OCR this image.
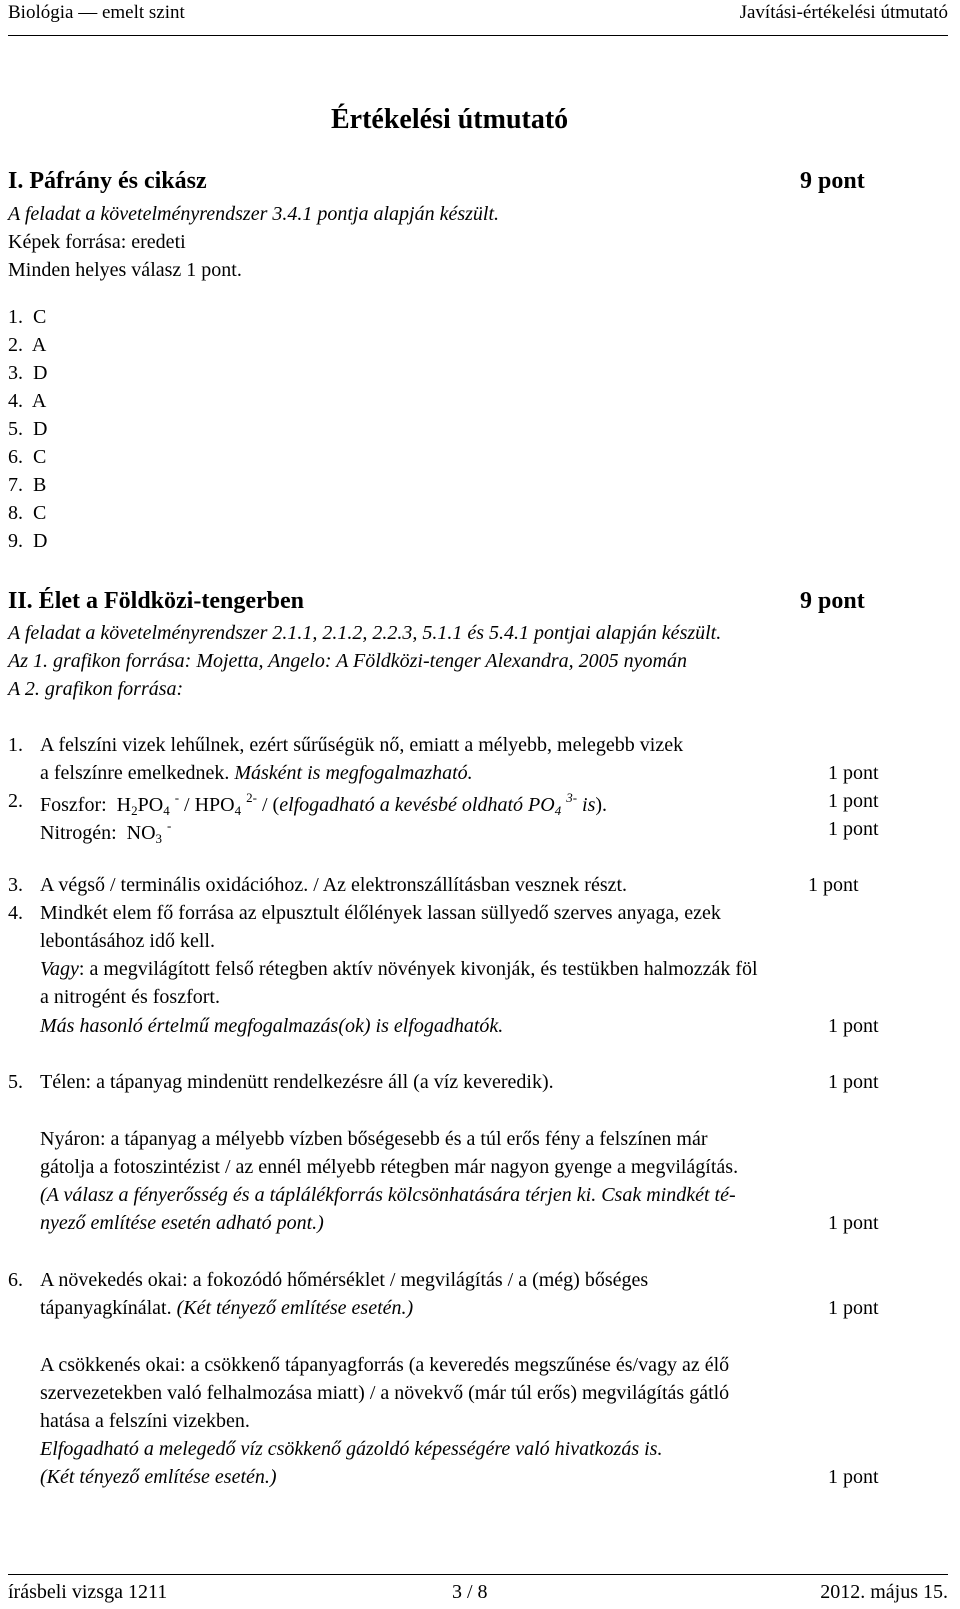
Biológia — emelt szint	Javítási-értékelési útmutató
Értékelési útmutató
I. Páfrány és cikász	9 pont
A feladat a követelményrendszer 3.4.1 pontja alapján készült.
Képek forrása: eredeti
Minden helyes válasz 1 pont.
1.  C
2.  A
3.  D
4.  A
5.  D
6.  C
7.  B
8.  C
9.  D
II. Élet a Földközi-tengerben	9 pont
A feladat a követelményrendszer 2.1.1, 2.1.2, 2.2.3, 5.1.1 és 5.4.1 pontjai alapján készült.
Az 1. grafikon forrása: Mojetta, Angelo: A Földközi-tenger Alexandra, 2005 nyomán
A 2. grafikon forrása:
1. A felszíni vizek lehűlnek, ezért sűrűségük nő, emiatt a mélyebb, melegebb vizek
a felszínre emelkednek. Másként is megfogalmazható.	1 pont
2. Foszfor: $H_2PO_4$ $^- / HPO_4$ $^{2-}$ / (elfogadható a kevésbé oldható $PO_4$ $^{3-}$ is).	1 pont
Nitrogén: $NO_3$ -	1 pont
3. A végső / terminális oxidációhoz. / Az elektronszállításban vesznek részt.	1 pont
4. Mindkét elem fő forrása az elpusztult élőlények lassan süllyedő szerves anyaga, ezek
lebontásához idő kell.
Vagy: a megvilágított felső rétegben aktív növények kivonják, és testükben halmozzák föl
a nitrogént és foszfort.
Más hasonló értelmű megfogalmazás(ok) is elfogadhatók.	1 pont
5. Télen: a tápanyag mindenütt rendelkezésre áll (a víz keveredik).	1 pont
Nyáron: a tápanyag a mélyebb vízben bőségesebb és a túl erős fény a felszínen már
gátolja a fotoszintézist / az ennél mélyebb rétegben már nagyon gyenge a megvilágítás.
(A válasz a fényerősség és a táplálékforrás kölcsönhatására térjen ki. Csak mindkét té-
nyező említése esetén adható pont.)	1 pont
6. A növekedés okai: a fokozódó hőmérséklet / megvilágítás / a (még) bőséges
tápanyagkínálat. (Két tényező említése esetén.)	1 pont
A csökkenés okai: a csökkenő tápanyagforrás (a keveredés megszűnése és/vagy az élő
szervezetekben való felhalmozása miatt) / a növekvő (már túl erős) megvilágítás gátló
hatása a felszíni vizekben.
Elfogadható a melegedő víz csökkenő gázoldó képességére való hivatkozás is.
(Két tényező említése esetén.)	1 pont
írásbeli vizsga 1211	3 / 8	2012. május 15.
